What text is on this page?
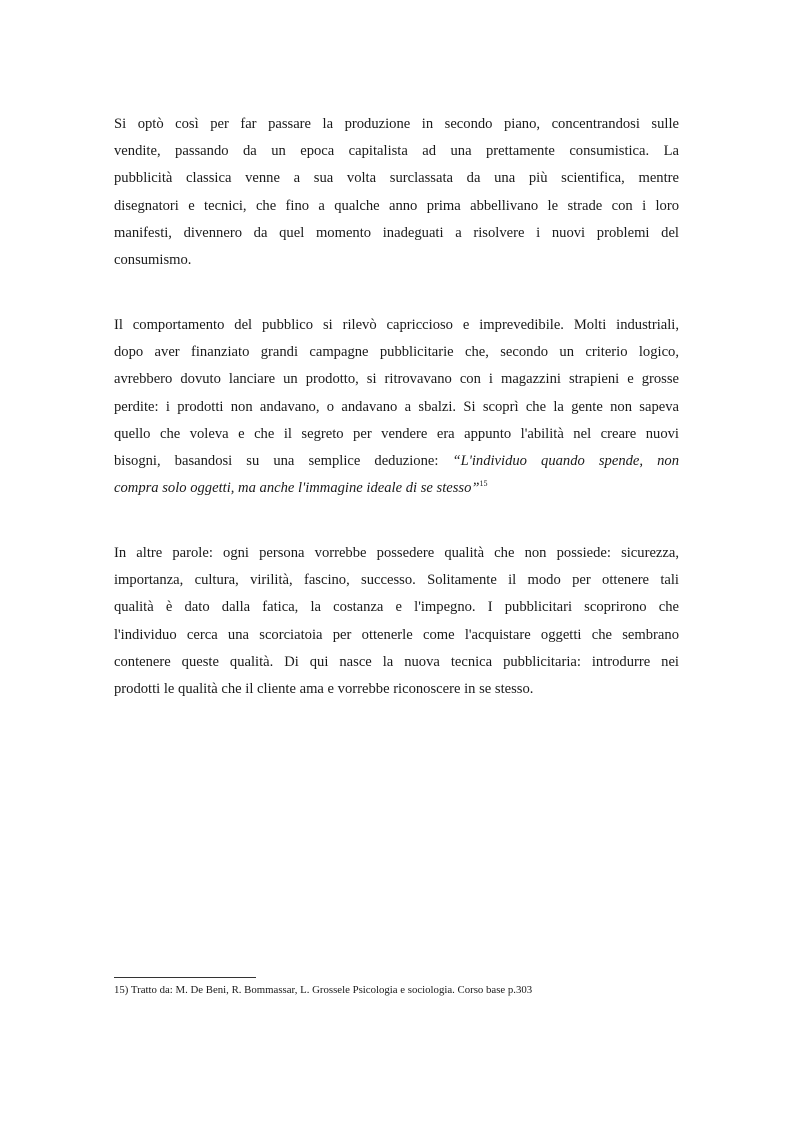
Si optò così per far passare la produzione in secondo piano, concentrandosi sulle
vendite, passando da un epoca capitalista ad una prettamente consumistica. La
pubblicità classica venne a sua volta surclassata da una più scientifica, mentre
disegnatori e tecnici, che fino a qualche anno prima abbellivano le strade con i loro
manifesti, divennero da quel momento inadeguati a risolvere i nuovi problemi del
consumismo.

Il comportamento del pubblico si rilevò capriccioso e imprevedibile. Molti industriali,
dopo aver finanziato grandi campagne pubblicitarie che, secondo un criterio logico,
avrebbero dovuto lanciare un prodotto, si ritrovavano con i magazzini strapieni e grosse
perdite: i prodotti non andavano, o andavano a sbalzi. Si scoprì che la gente non sapeva
quello che voleva e che il segreto per vendere era appunto l'abilità nel creare nuovi
bisogni, basandosi su una semplice deduzione: “L'individuo quando spende, non
compra solo oggetti, ma anche l'immagine ideale di se stesso”$^{15}$

In altre parole: ogni persona vorrebbe possedere qualità che non possiede: sicurezza,
importanza, cultura, virilità, fascino, successo. Solitamente il modo per ottenere tali
qualità è dato dalla fatica, la costanza e l'impegno. I pubblicitari scoprirono che
l'individuo cerca una scorciatoia per ottenerle come l'acquistare oggetti che sembrano
contenere queste qualità. Di qui nasce la nuova tecnica pubblicitaria: introdurre nei
prodotti le qualità che il cliente ama e vorrebbe riconoscere in se stesso.

15) Tratto da: M. De Beni, R. Bommassar, L. Grossele Psicologia e sociologia. Corso base p.303
